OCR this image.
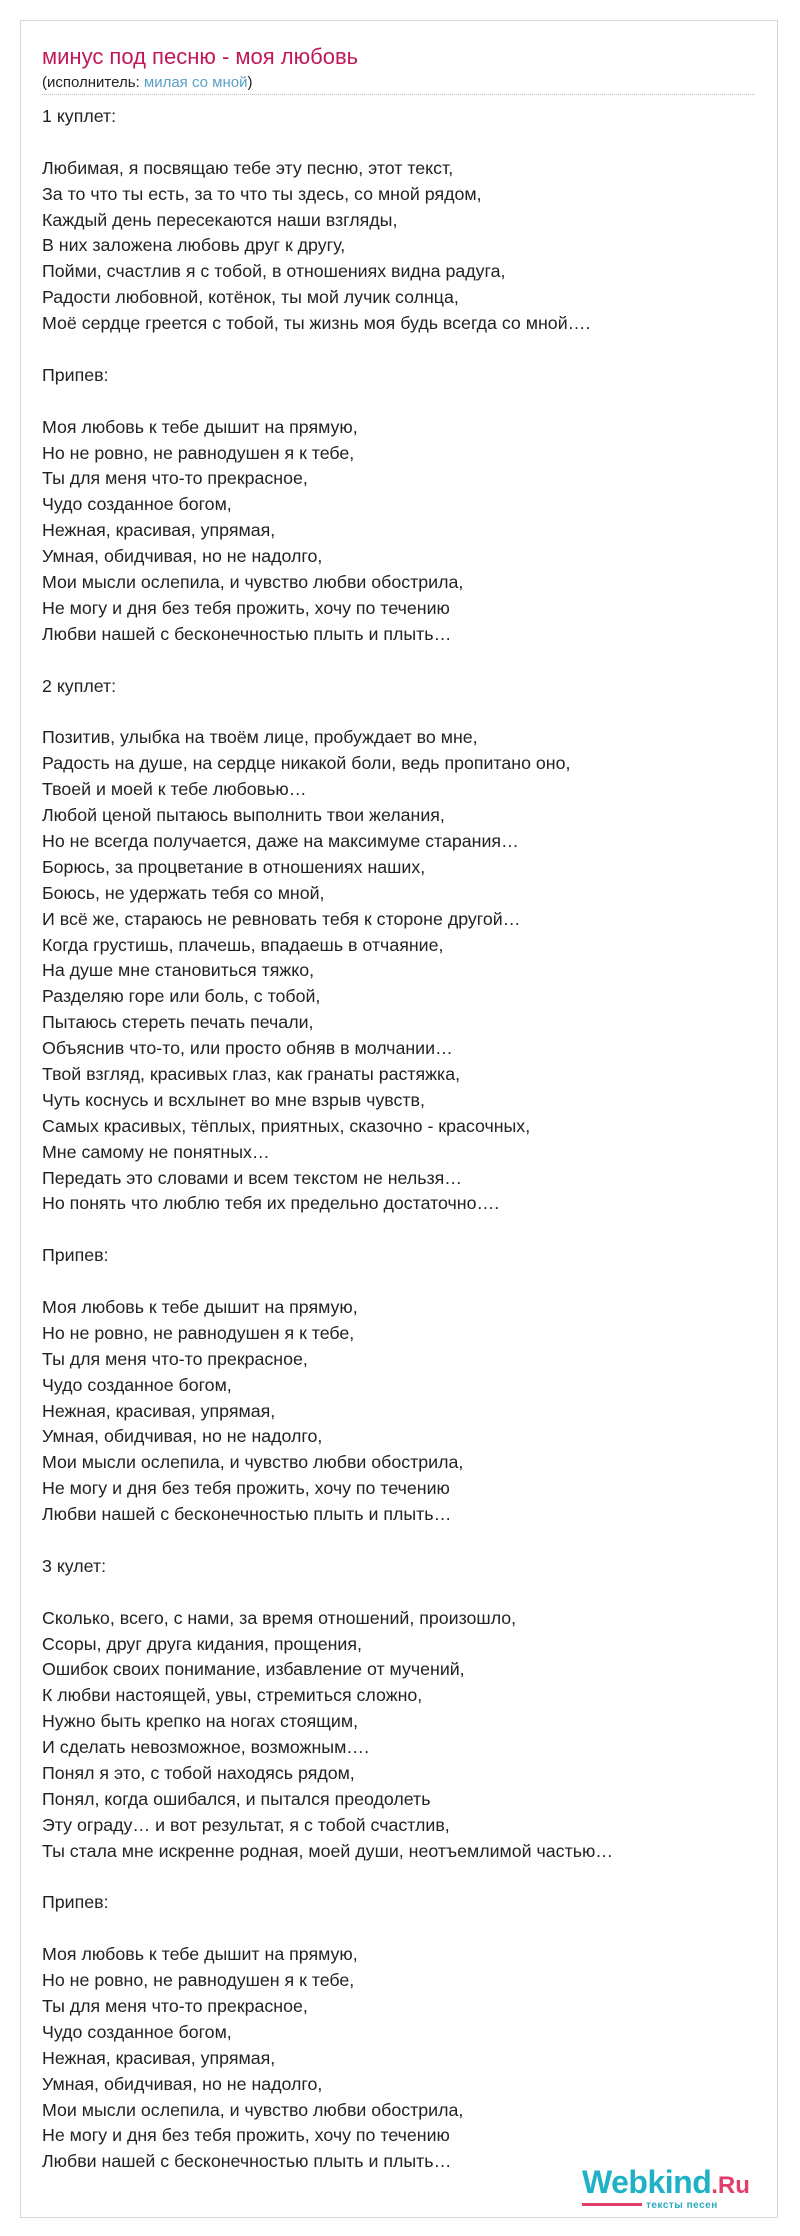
минус под песню - моя любовь
(исполнитель: милая со мной)
1 куплет:
Любимая, я посвящаю тебе эту песню, этот текст,
За то что ты есть, за то что ты здесь, со мной рядом,
Каждый день пересекаются наши взгляды,
В них заложена любовь друг к другу,
Пойми, счастлив я с тобой, в отношениях видна радуга,
Радости любовной, котёнок, ты мой лучик солнца,
Моё сердце греется с тобой, ты жизнь моя будь всегда со мной….
Припев:
Моя любовь к тебе дышит на прямую,
Но не ровно, не равнодушен я к тебе,
Ты для меня что-то прекрасное,
Чудо созданное богом,
Нежная, красивая, упрямая,
Умная, обидчивая, но не надолго,
Мои мысли ослепила, и чувство любви обострила,
Не могу и дня без тебя прожить, хочу по течению
Любви нашей с бесконечностью плыть и плыть…
2 куплет:
Позитив, улыбка на твоём лице, пробуждает во мне,
Радость на душе, на сердце никакой боли, ведь пропитано оно,
Твоей и моей к тебе любовью…
Любой ценой пытаюсь выполнить твои желания,
Но не всегда получается, даже на максимуме старания…
Борюсь, за процветание в отношениях наших,
Боюсь, не удержать тебя со мной,
И всё же, стараюсь не ревновать тебя к стороне другой…
Когда грустишь, плачешь, впадаешь в отчаяние,
На душе мне становиться тяжко,
Разделяю горе или боль, с тобой,
Пытаюсь стереть печать печали,
Объяснив что-то, или просто обняв в молчании…
Твой взгляд, красивых глаз, как гранаты растяжка,
Чуть коснусь и всхлынет во мне взрыв чувств,
Самых красивых, тёплых, приятных, сказочно - красочных,
Мне самому не понятных…
Передать это словами и всем текстом не нельзя…
Но понять что люблю тебя их предельно достаточно….
Припев:
Моя любовь к тебе дышит на прямую,
Но не ровно, не равнодушен я к тебе,
Ты для меня что-то прекрасное,
Чудо созданное богом,
Нежная, красивая, упрямая,
Умная, обидчивая, но не надолго,
Мои мысли ослепила, и чувство любви обострила,
Не могу и дня без тебя прожить, хочу по течению
Любви нашей с бесконечностью плыть и плыть…
3 кулет:
Сколько, всего, с нами, за время отношений, произошло,
Ссоры, друг друга кидания, прощения,
Ошибок своих понимание, избавление от мучений,
К любви настоящей, увы, стремиться сложно,
Нужно быть крепко на ногах стоящим,
И сделать невозможное, возможным….
Понял я это, с тобой находясь рядом,
Понял, когда ошибался, и пытался преодолеть
Эту ограду… и вот результат, я с тобой счастлив,
Ты стала мне искренне родная, моей души, неотъемлимой частью…
Припев:
Моя любовь к тебе дышит на прямую,
Но не ровно, не равнодушен я к тебе,
Ты для меня что-то прекрасное,
Чудо созданное богом,
Нежная, красивая, упрямая,
Умная, обидчивая, но не надолго,
Мои мысли ослепила, и чувство любви обострила,
Не могу и дня без тебя прожить, хочу по течению
Любви нашей с бесконечностью плыть и плыть…
Webkind.Ru
тексты песен
